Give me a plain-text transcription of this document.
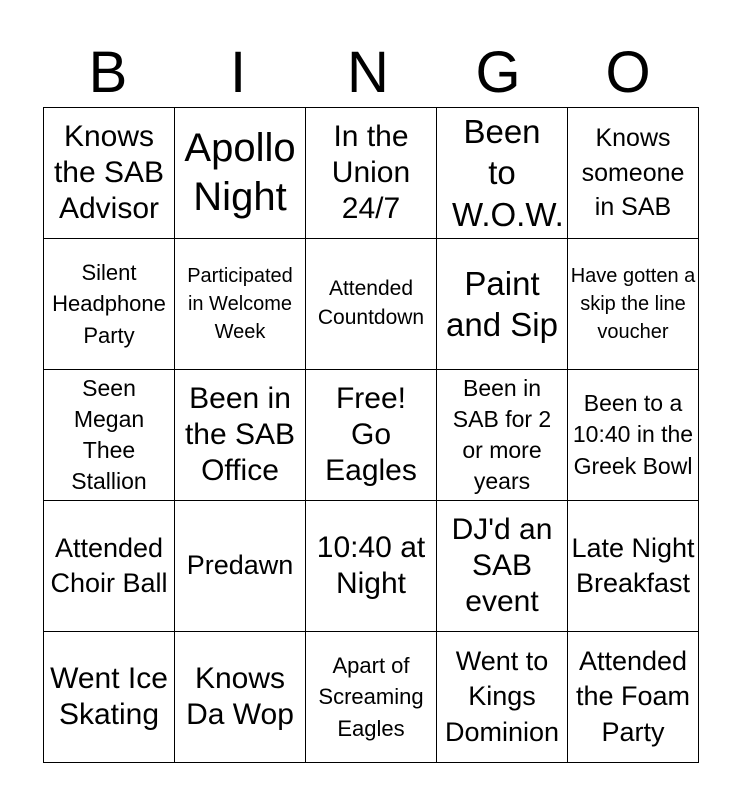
B	I	N	G	O
Knows the SAB Advisor	Apollo Night	In the Union 24/7	Been to W.O.W.	Knows someone in SAB
Silent Headphone Party	Participated in Welcome Week	Attended Countdown	Paint and Sip	Have gotten a skip the line voucher
Seen Megan Thee Stallion	Been in the SAB Office	Free! Go Eagles	Been in SAB for 2 or more years	Been to a 10:40 in the Greek Bowl
Attended Choir Ball	Predawn	10:40 at Night	DJ'd an SAB event	Late Night Breakfast
Went Ice Skating	Knows Da Wop	Apart of Screaming Eagles	Went to Kings Dominion	Attended the Foam Party
